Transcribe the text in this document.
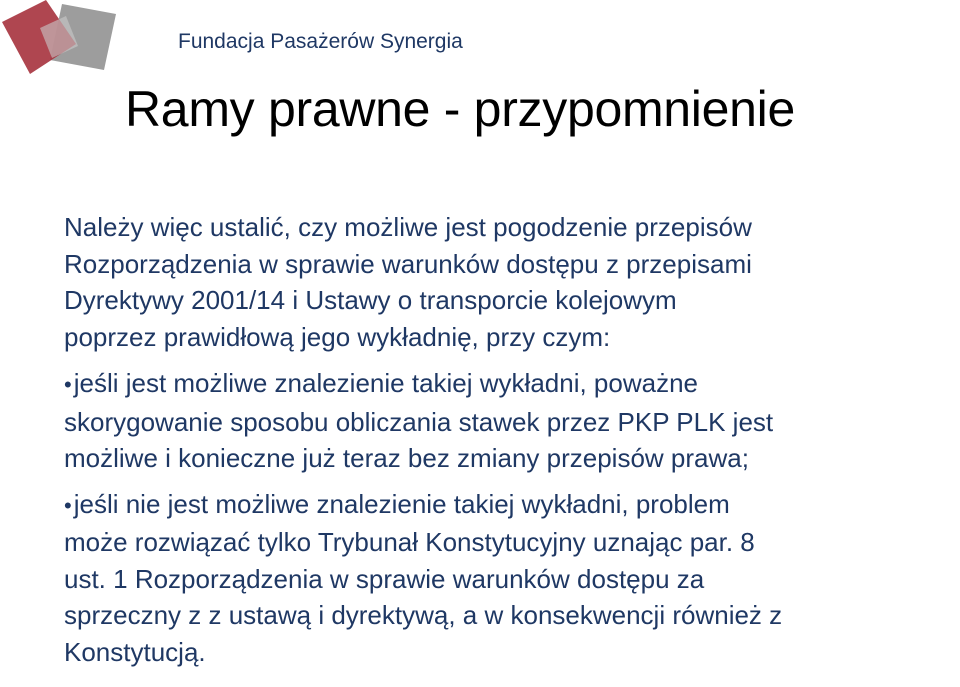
Fundacja Pasażerów Synergia
Ramy prawne - przypomnienie
Należy więc ustalić, czy możliwe jest pogodzenie przepisów
Rozporządzenia w sprawie warunków dostępu z przepisami
Dyrektywy 2001/14 i Ustawy o transporcie kolejowym
poprzez prawidłową jego wykładnię, przy czym:
•jeśli jest możliwe znalezienie takiej wykładni, poważne
skorygowanie sposobu obliczania stawek przez PKP PLK jest
możliwe i konieczne już teraz bez zmiany przepisów prawa;
•jeśli nie jest możliwe znalezienie takiej wykładni, problem
może rozwiązać tylko Trybunał Konstytucyjny uznając par. 8
ust. 1 Rozporządzenia w sprawie warunków dostępu za
sprzeczny z z ustawą i dyrektywą, a w konsekwencji również z
Konstytucją.
